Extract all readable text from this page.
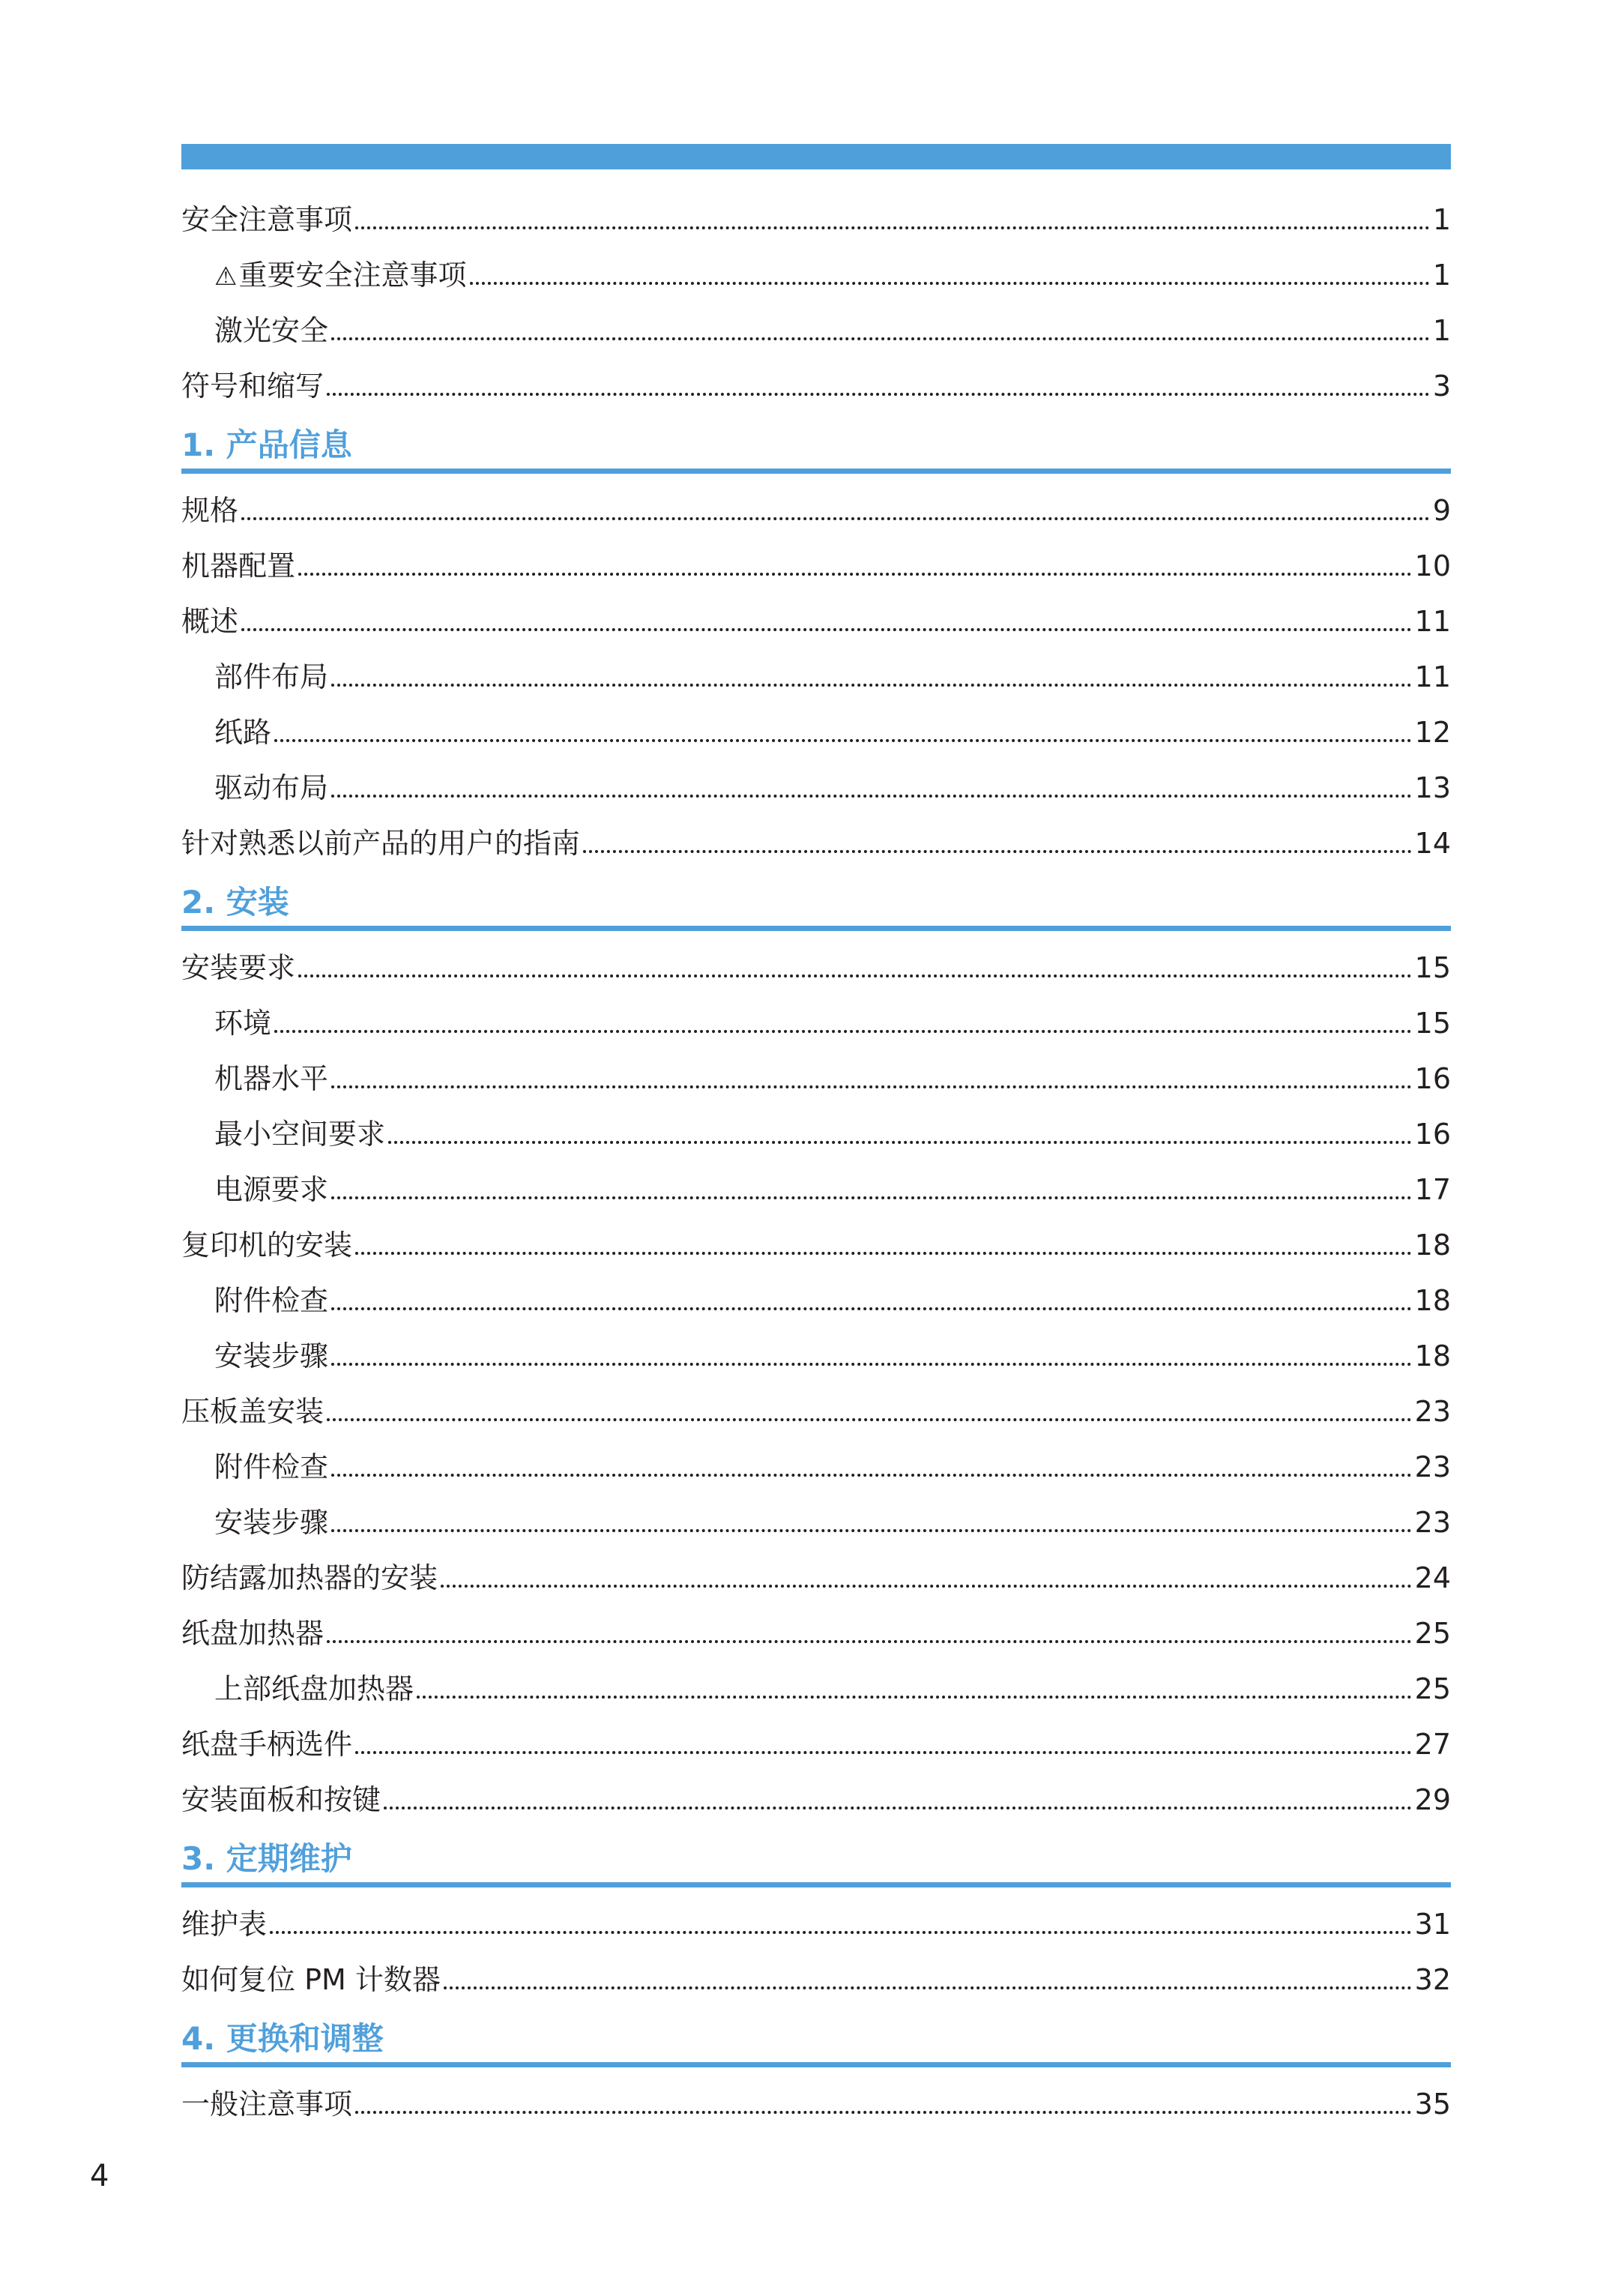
安全注意事项	1
⚠重要安全注意事项	1
激光安全	1
符号和缩写	3
1. 产品信息
规格	9
机器配置	10
概述	11
部件布局	11
纸路	12
驱动布局	13
针对熟悉以前产品的用户的指南	14
2. 安装
安装要求	15
环境	15
机器水平	16
最小空间要求	16
电源要求	17
复印机的安装	18
附件检查	18
安装步骤	18
压板盖安装	23
附件检查	23
安装步骤	23
防结露加热器的安装	24
纸盘加热器	25
上部纸盘加热器	25
纸盘手柄选件	27
安装面板和按键	29
3. 定期维护
维护表	31
如何复位 PM 计数器	32
4. 更换和调整
一般注意事项	35
4
